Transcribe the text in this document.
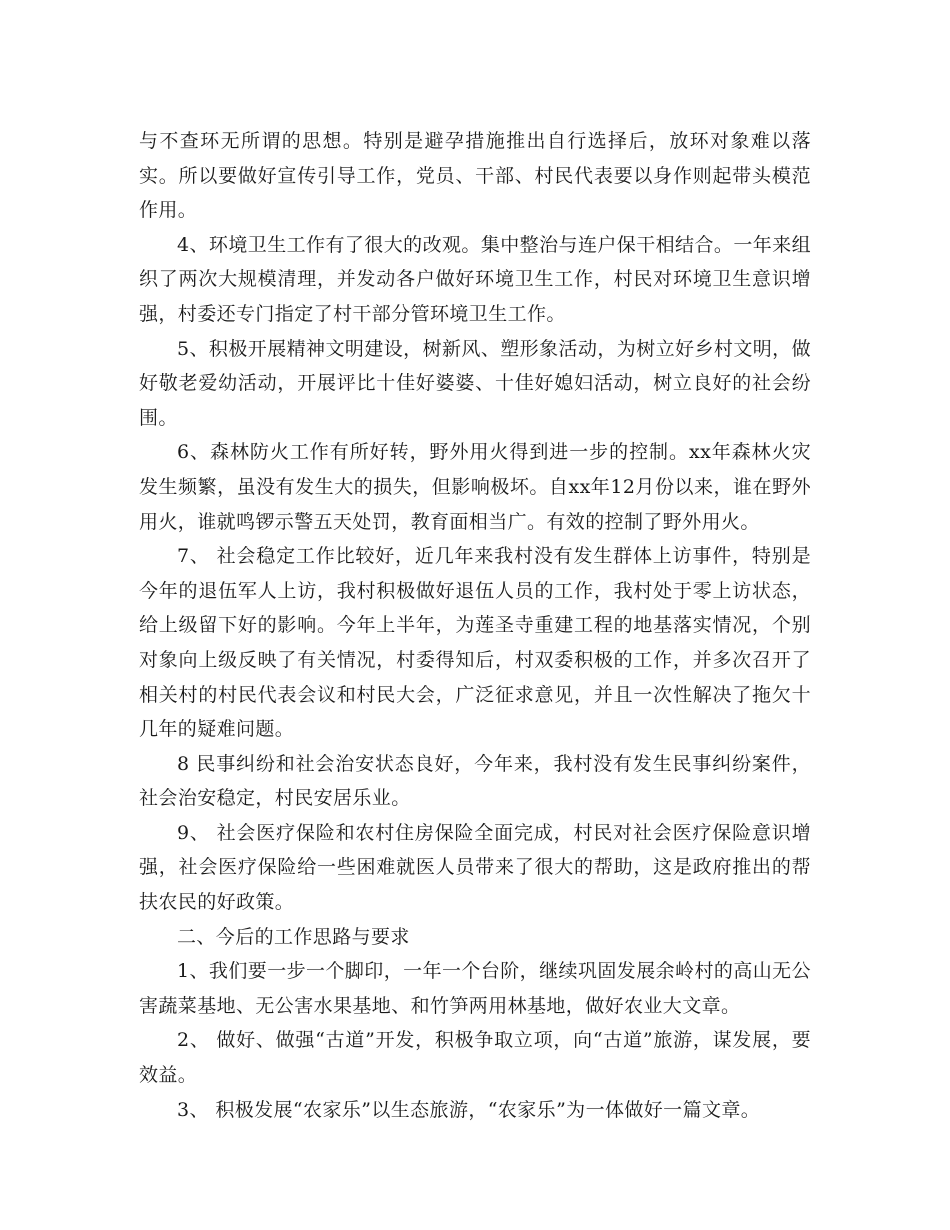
与不查环无所谓的思想。特别是避孕措施推出自行选择后，放环对象难以落实。所以要做好宣传引导工作，党员、干部、村民代表要以身作则起带头模范作用。

4、环境卫生工作有了很大的改观。集中整治与连户保干相结合。一年来组织了两次大规模清理，并发动各户做好环境卫生工作，村民对环境卫生意识增强，村委还专门指定了村干部分管环境卫生工作。

5、积极开展精神文明建设，树新风、塑形象活动，为树立好乡村文明，做好敬老爱幼活动，开展评比十佳好婆婆、十佳好媳妇活动，树立良好的社会纷围。

6、森林防火工作有所好转，野外用火得到进一步的控制。xx年森林火灾发生频繁，虽没有发生大的损失，但影响极坏。自xx年12月份以来，谁在野外用火，谁就鸣锣示警五天处罚，教育面相当广。有效的控制了野外用火。

7、 社会稳定工作比较好，近几年来我村没有发生群体上访事件，特别是今年的退伍军人上访，我村积极做好退伍人员的工作，我村处于零上访状态，给上级留下好的影响。今年上半年，为莲圣寺重建工程的地基落实情况，个别对象向上级反映了有关情况，村委得知后，村双委积极的工作，并多次召开了相关村的村民代表会议和村民大会，广泛征求意见，并且一次性解决了拖欠十几年的疑难问题。

8 民事纠纷和社会治安状态良好，今年来，我村没有发生民事纠纷案件，社会治安稳定，村民安居乐业。

9、 社会医疗保险和农村住房保险全面完成，村民对社会医疗保险意识增强，社会医疗保险给一些困难就医人员带来了很大的帮助，这是政府推出的帮扶农民的好政策。

二、今后的工作思路与要求

1、我们要一步一个脚印，一年一个台阶，继续巩固发展余岭村的高山无公害蔬菜基地、无公害水果基地、和竹笋两用林基地，做好农业大文章。

2、 做好、做强“古道”开发，积极争取立项，向“古道”旅游，谋发展，要效益。

3、 积极发展“农家乐”以生态旅游，“农家乐”为一体做好一篇文章。
